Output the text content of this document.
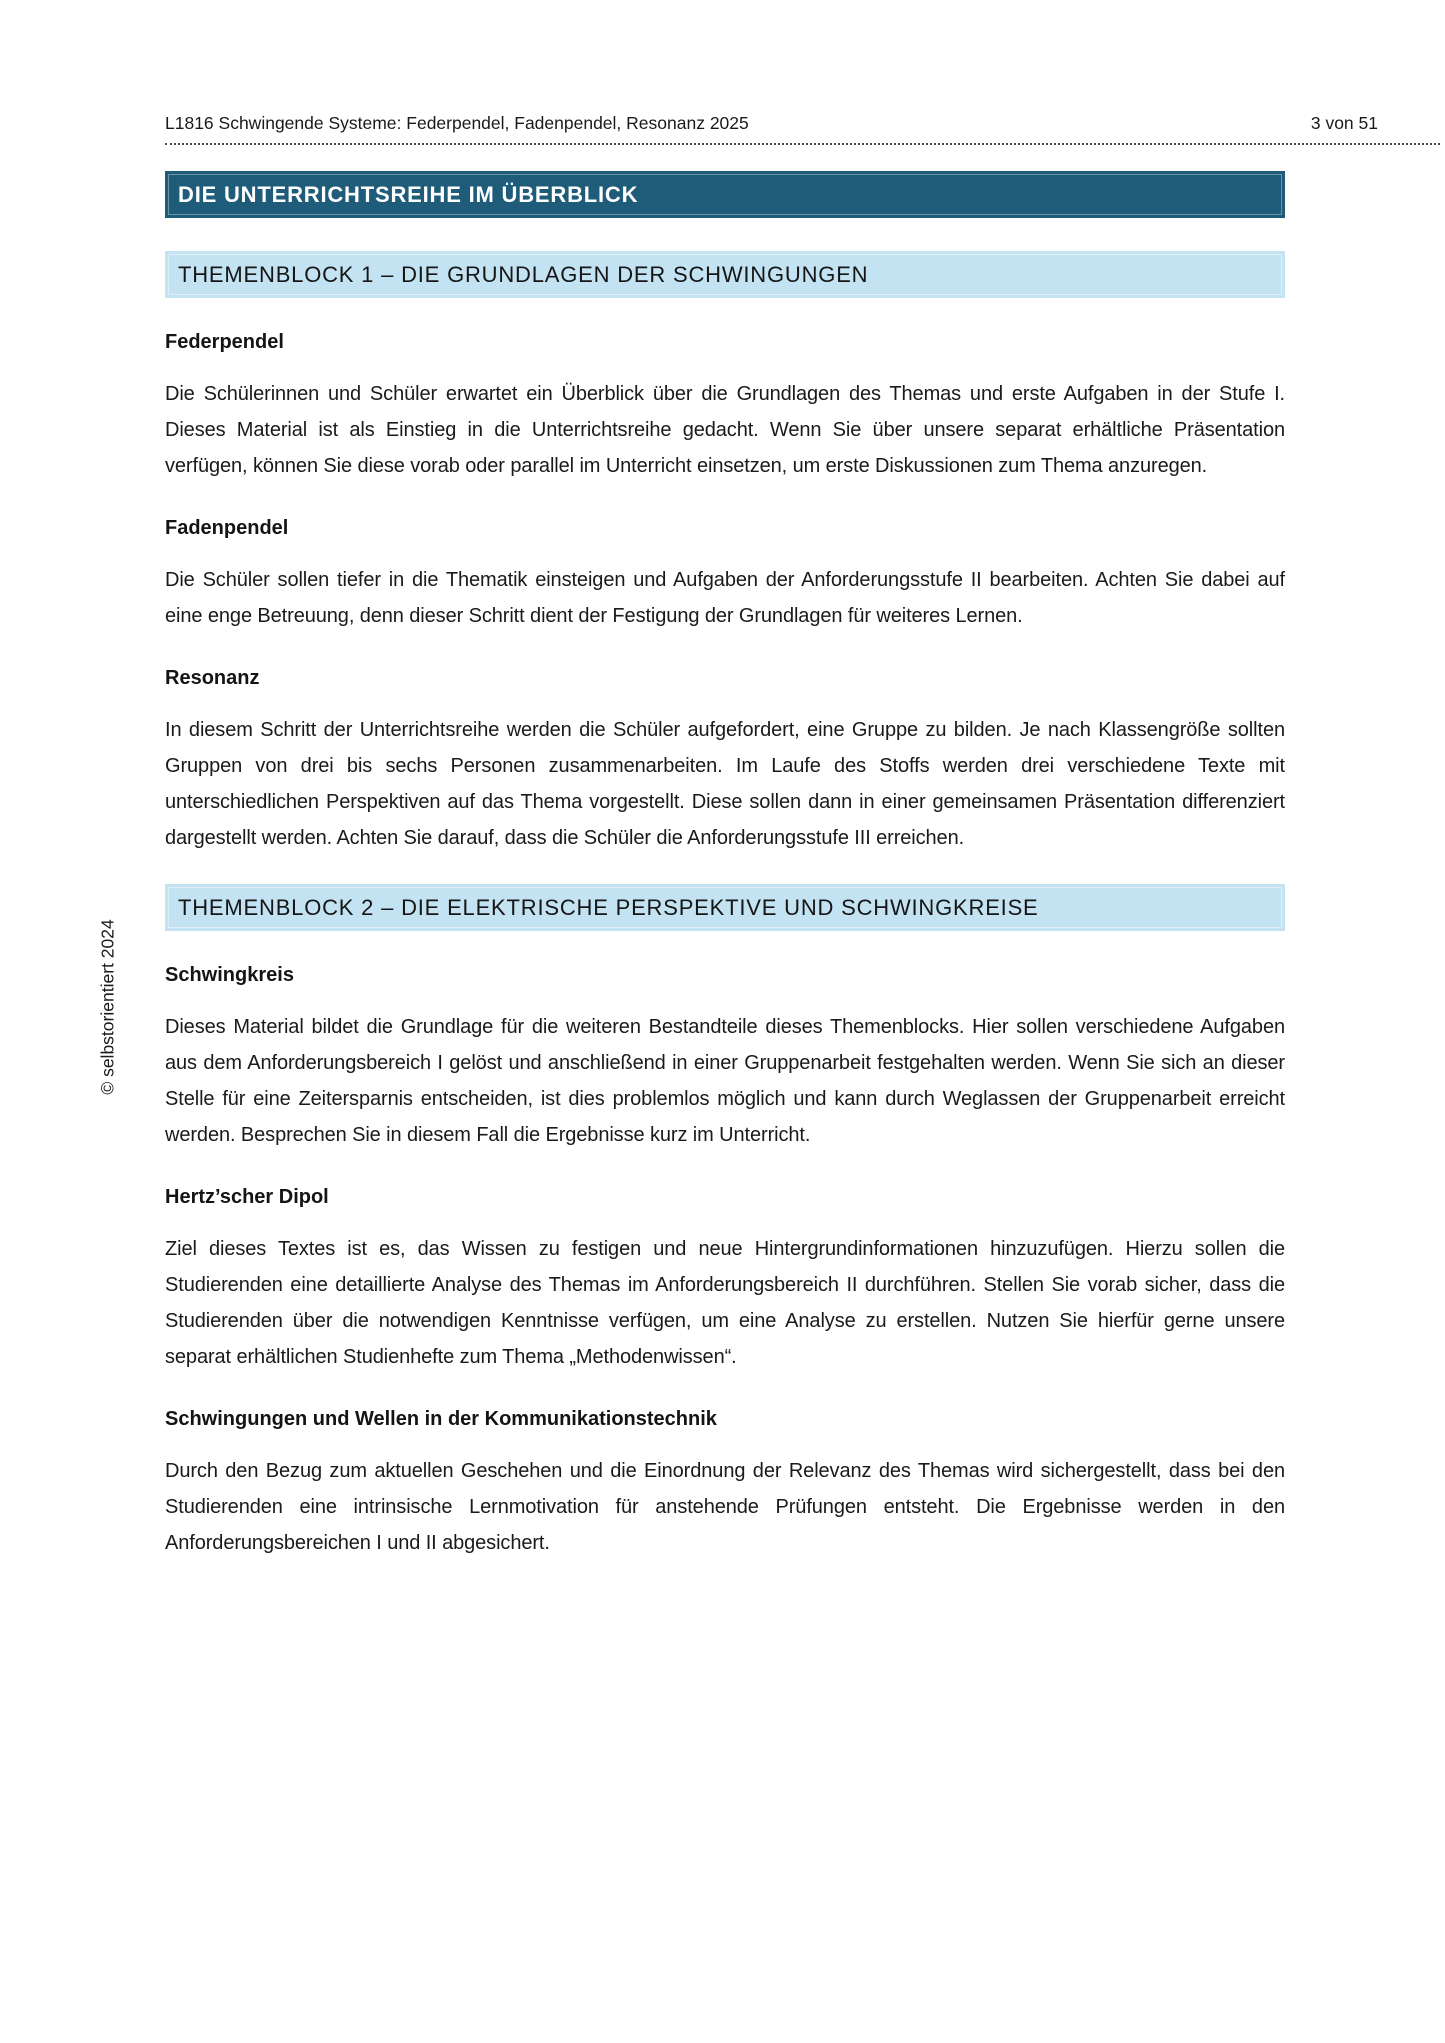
L1816 Schwingende Systeme: Federpendel, Fadenpendel, Resonanz 2025	3 von 51
DIE UNTERRICHTSREIHE IM ÜBERBLICK
THEMENBLOCK 1 – DIE GRUNDLAGEN DER SCHWINGUNGEN
Federpendel

Die Schülerinnen und Schüler erwartet ein Überblick über die Grundlagen des Themas und erste Aufgaben in der Stufe I. Dieses Material ist als Einstieg in die Unterrichtsreihe gedacht. Wenn Sie über unsere separat erhältliche Präsentation verfügen, können Sie diese vorab oder parallel im Unterricht einsetzen, um erste Diskussionen zum Thema anzuregen.

Fadenpendel

Die Schüler sollen tiefer in die Thematik einsteigen und Aufgaben der Anforderungsstufe II bearbeiten. Achten Sie dabei auf eine enge Betreuung, denn dieser Schritt dient der Festigung der Grundlagen für weiteres Lernen.

Resonanz

In diesem Schritt der Unterrichtsreihe werden die Schüler aufgefordert, eine Gruppe zu bilden. Je nach Klassengröße sollten Gruppen von drei bis sechs Personen zusammenarbeiten. Im Laufe des Stoffs werden drei verschiedene Texte mit unterschiedlichen Perspektiven auf das Thema vorgestellt. Diese sollen dann in einer gemeinsamen Präsentation differenziert dargestellt werden. Achten Sie darauf, dass die Schüler die Anforderungsstufe III erreichen.

THEMENBLOCK 2 – DIE ELEKTRISCHE PERSPEKTIVE UND SCHWINGKREISE
Schwingkreis

Dieses Material bildet die Grundlage für die weiteren Bestandteile dieses Themenblocks. Hier sollen verschiedene Aufgaben aus dem Anforderungsbereich I gelöst und anschließend in einer Gruppenarbeit festgehalten werden. Wenn Sie sich an dieser Stelle für eine Zeitersparnis entscheiden, ist dies problemlos möglich und kann durch Weglassen der Gruppenarbeit erreicht werden. Besprechen Sie in diesem Fall die Ergebnisse kurz im Unterricht.

Hertz’scher Dipol

Ziel dieses Textes ist es, das Wissen zu festigen und neue Hintergrundinformationen hinzuzufügen. Hierzu sollen die Studierenden eine detaillierte Analyse des Themas im Anforderungsbereich II durchführen. Stellen Sie vorab sicher, dass die Studierenden über die notwendigen Kenntnisse verfügen, um eine Analyse zu erstellen. Nutzen Sie hierfür gerne unsere separat erhältlichen Studienhefte zum Thema „Methodenwissen“.

Schwingungen und Wellen in der Kommunikationstechnik

Durch den Bezug zum aktuellen Geschehen und die Einordnung der Relevanz des Themas wird sichergestellt, dass bei den Studierenden eine intrinsische Lernmotivation für anstehende Prüfungen entsteht. Die Ergebnisse werden in den Anforderungsbereichen I und II abgesichert.

© selbstorientiert 2024
